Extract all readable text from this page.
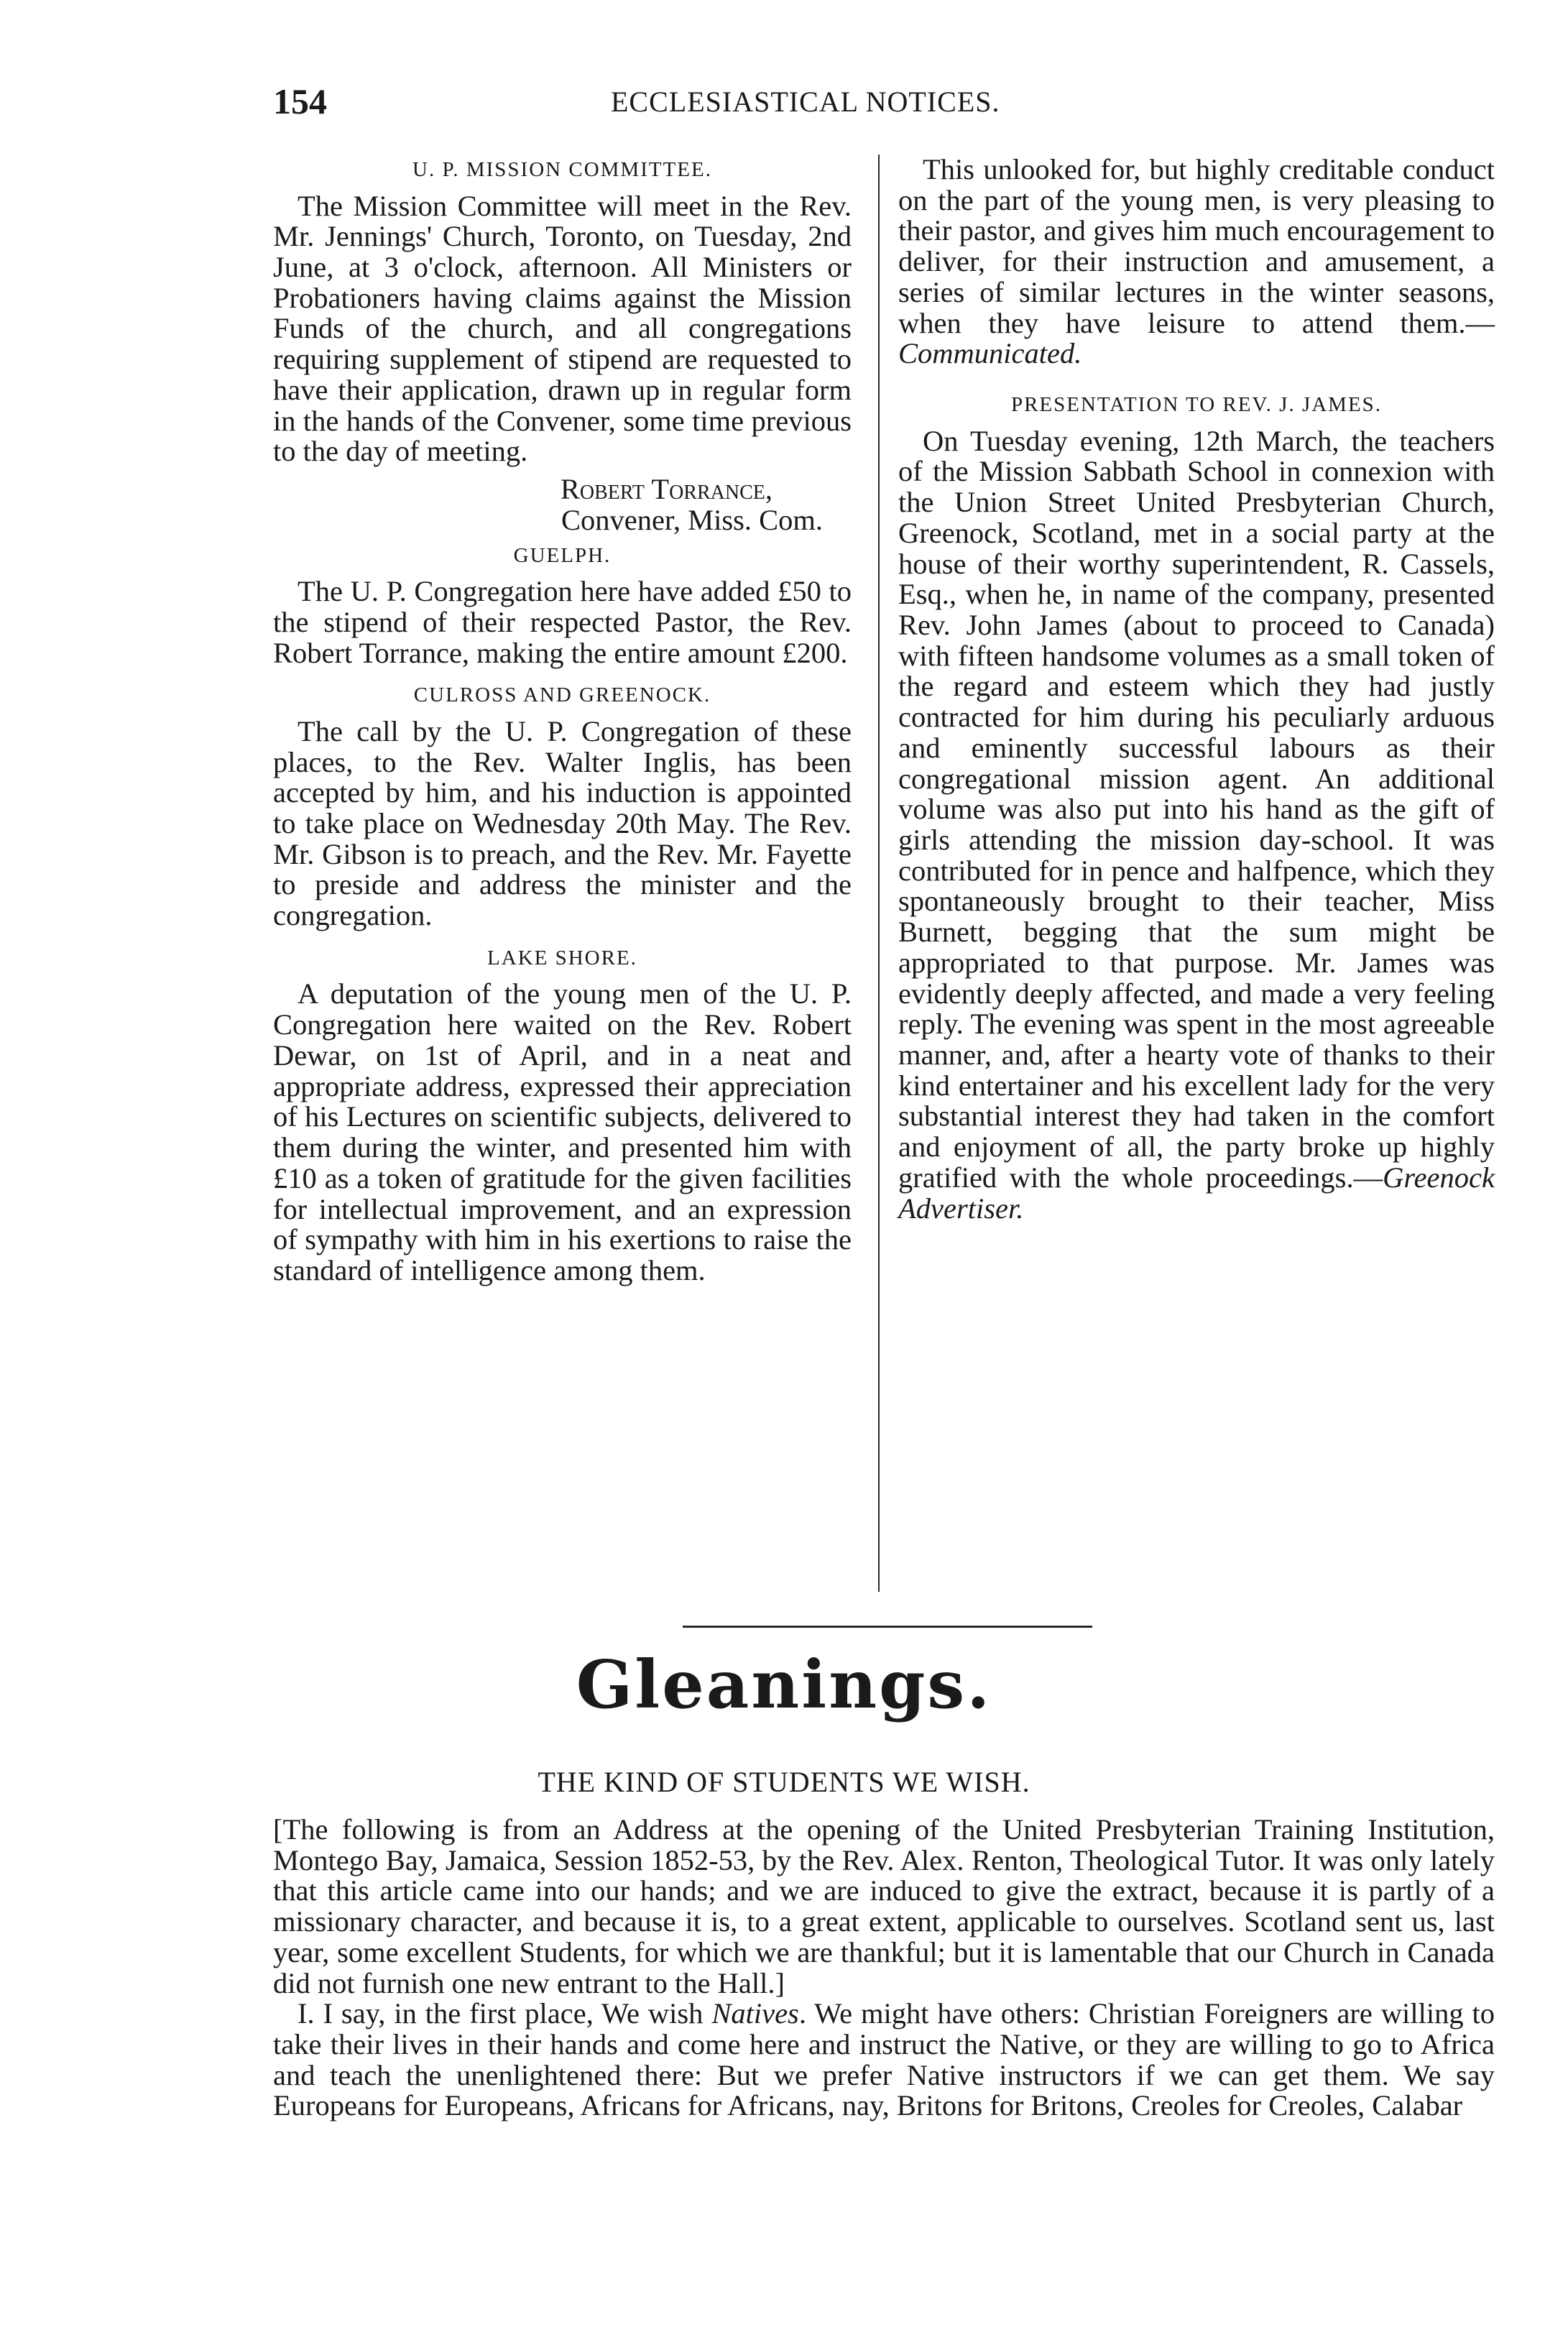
154	ECCLESIASTICAL NOTICES.
U. P. MISSION COMMITTEE.

The Mission Committee will meet in the Rev. Mr. Jennings' Church, Toronto, on Tuesday, 2nd June, at 3 o'clock, afternoon. All Ministers or Probationers having claims against the Mission Funds of the church, and all congregations requiring supplement of stipend are requested to have their application, drawn up in regular form in the hands of the Convener, some time previous to the day of meeting.

Robert Torrance,
Convener, Miss. Com.
GUELPH.

The U. P. Congregation here have added £50 to the stipend of their respected Pastor, the Rev. Robert Torrance, making the entire amount £200.

CULROSS AND GREENOCK.

The call by the U. P. Congregation of these places, to the Rev. Walter Inglis, has been accepted by him, and his induction is appointed to take place on Wednesday 20th May. The Rev. Mr. Gibson is to preach, and the Rev. Mr. Fayette to preside and address the minister and the congregation.

LAKE SHORE.

A deputation of the young men of the U. P. Congregation here waited on the Rev. Robert Dewar, on 1st of April, and in a neat and appropriate address, expressed their appreciation of his Lectures on scientific subjects, delivered to them during the winter, and presented him with £10 as a token of gratitude for the given facilities for intellectual improvement, and an expression of sympathy with him in his exertions to raise the standard of intelligence among them.

This unlooked for, but highly creditable conduct on the part of the young men, is very pleasing to their pastor, and gives him much encouragement to deliver, for their instruction and amusement, a series of similar lectures in the winter seasons, when they have leisure to attend them.—Communicated.

PRESENTATION TO REV. J. JAMES.

On Tuesday evening, 12th March, the teachers of the Mission Sabbath School in connexion with the Union Street United Presbyterian Church, Greenock, Scotland, met in a social party at the house of their worthy superintendent, R. Cassels, Esq., when he, in name of the company, presented Rev. John James (about to proceed to Canada) with fifteen handsome volumes as a small token of the regard and esteem which they had justly contracted for him during his peculiarly arduous and eminently successful labours as their congregational mission agent. An additional volume was also put into his hand as the gift of girls attending the mission day-school. It was contributed for in pence and halfpence, which they spontaneously brought to their teacher, Miss Burnett, begging that the sum might be appropriated to that purpose. Mr. James was evidently deeply affected, and made a very feeling reply. The evening was spent in the most agreeable manner, and, after a hearty vote of thanks to their kind entertainer and his excellent lady for the very substantial interest they had taken in the comfort and enjoyment of all, the party broke up highly gratified with the whole proceedings.—Greenock Advertiser.

Gleanings.
THE KIND OF STUDENTS WE WISH.

[The following is from an Address at the opening of the United Presbyterian Training Institution, Montego Bay, Jamaica, Session 1852-53, by the Rev. Alex. Renton, Theological Tutor. It was only lately that this article came into our hands; and we are induced to give the extract, because it is partly of a missionary character, and because it is, to a great extent, applicable to ourselves. Scotland sent us, last year, some excellent Students, for which we are thankful; but it is lamentable that our Church in Canada did not furnish one new entrant to the Hall.]

I. I say, in the first place, We wish Natives. We might have others: Christian Foreigners are willing to take their lives in their hands and come here and instruct the Native, or they are willing to go to Africa and teach the unenlightened there: But we prefer Native instructors if we can get them. We say Europeans for Europeans, Africans for Africans, nay, Britons for Britons, Creoles for Creoles, Calabar
